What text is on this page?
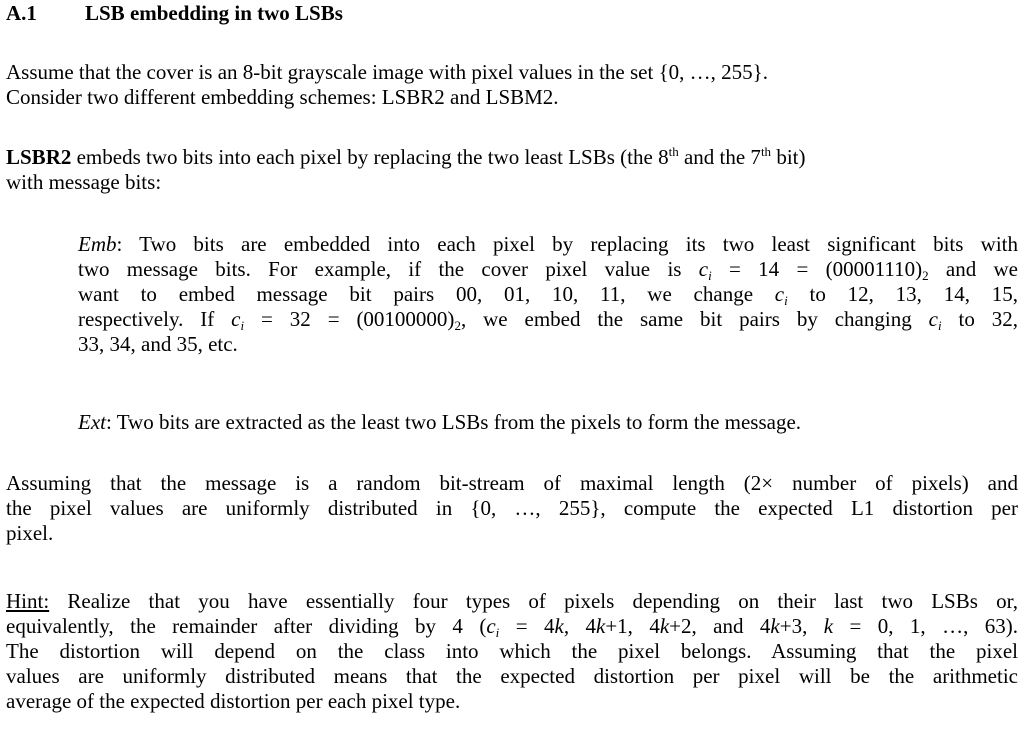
A.1 LSB embedding in two LSBs
Assume that the cover is an 8-bit grayscale image with pixel values in the set {0, …, 255}.
Consider two different embedding schemes: LSBR2 and LSBM2.
LSBR2 embeds two bits into each pixel by replacing the two least LSBs (the 8th and the 7th bit)
with message bits:
Emb: Two bits are embedded into each pixel by replacing its two least significant bits with
two message bits. For example, if the cover pixel value is $c_i = 14 = (00001110)_2$ and we
want to embed message bit pairs 00, 01, 10, 11, we change $c_i$ to 12, 13, 14, 15,
respectively. If $c_i = 32 = (00100000)_2$, we embed the same bit pairs by changing $c_i$ to 32,
33, 34, and 35, etc.
Ext: Two bits are extracted as the least two LSBs from the pixels to form the message.
Assuming that the message is a random bit-stream of maximal length (2× number of pixels) and
the pixel values are uniformly distributed in {0, …, 255}, compute the expected L1 distortion per
pixel.
Hint: Realize that you have essentially four types of pixels depending on their last two LSBs or,
equivalently, the remainder after dividing by 4 ($c_i = 4k$, 4k+1, 4k+2, and 4k+3, k = 0, 1, …, 63).
The distortion will depend on the class into which the pixel belongs. Assuming that the pixel
values are uniformly distributed means that the expected distortion per pixel will be the arithmetic
average of the expected distortion per each pixel type.
